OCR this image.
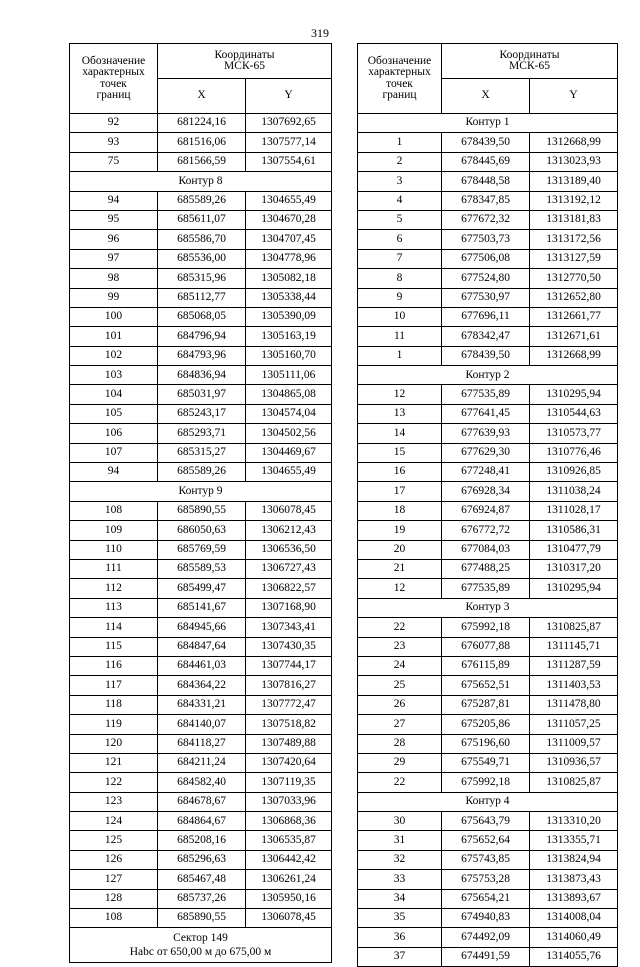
319
Обозначение
характерных
точек
границ	Координаты
МСК-65	
	X	Y
92	681224,16	1307692,65
93	681516,06	1307577,14
75	681566,59	1307554,61
Контур 8		
94	685589,26	1304655,49
95	685611,07	1304670,28
96	685586,70	1304707,45
97	685536,00	1304778,96
98	685315,96	1305082,18
99	685112,77	1305338,44
100	685068,05	1305390,09
101	684796,94	1305163,19
102	684793,96	1305160,70
103	684836,94	1305111,06
104	685031,97	1304865,08
105	685243,17	1304574,04
106	685293,71	1304502,56
107	685315,27	1304469,67
94	685589,26	1304655,49
Контур 9		
108	685890,55	1306078,45
109	686050,63	1306212,43
110	685769,59	1306536,50
111	685589,53	1306727,43
112	685499,47	1306822,57
113	685141,67	1307168,90
114	684945,66	1307343,41
115	684847,64	1307430,35
116	684461,03	1307744,17
117	684364,22	1307816,27
118	684331,21	1307772,47
119	684140,07	1307518,82
120	684118,27	1307489,88
121	684211,24	1307420,64
122	684582,40	1307119,35
123	684678,67	1307033,96
124	684864,67	1306868,36
125	685208,16	1306535,87
126	685296,63	1306442,42
127	685467,48	1306261,24
128	685737,26	1305950,16
108	685890,55	1306078,45
Сектор 149
Нabс от 650,00 м до 675,00 м		
Обозначение
характерных
точек
границ	Координаты
МСК-65	
	X	Y
Контур 1		
1	678439,50	1312668,99
2	678445,69	1313023,93
3	678448,58	1313189,40
4	678347,85	1313192,12
5	677672,32	1313181,83
6	677503,73	1313172,56
7	677506,08	1313127,59
8	677524,80	1312770,50
9	677530,97	1312652,80
10	677696,11	1312661,77
11	678342,47	1312671,61
1	678439,50	1312668,99
Контур 2		
12	677535,89	1310295,94
13	677641,45	1310544,63
14	677639,93	1310573,77
15	677629,30	1310776,46
16	677248,41	1310926,85
17	676928,34	1311038,24
18	676924,87	1311028,17
19	676772,72	1310586,31
20	677084,03	1310477,79
21	677488,25	1310317,20
12	677535,89	1310295,94
Контур 3		
22	675992,18	1310825,87
23	676077,88	1311145,71
24	676115,89	1311287,59
25	675652,51	1311403,53
26	675287,81	1311478,80
27	675205,86	1311057,25
28	675196,60	1311009,57
29	675549,71	1310936,57
22	675992,18	1310825,87
Контур 4		
30	675643,79	1313310,20
31	675652,64	1313355,71
32	675743,85	1313824,94
33	675753,28	1313873,43
34	675654,21	1313893,67
35	674940,83	1314008,04
36	674492,09	1314060,49
37	674491,59	1314055,76
